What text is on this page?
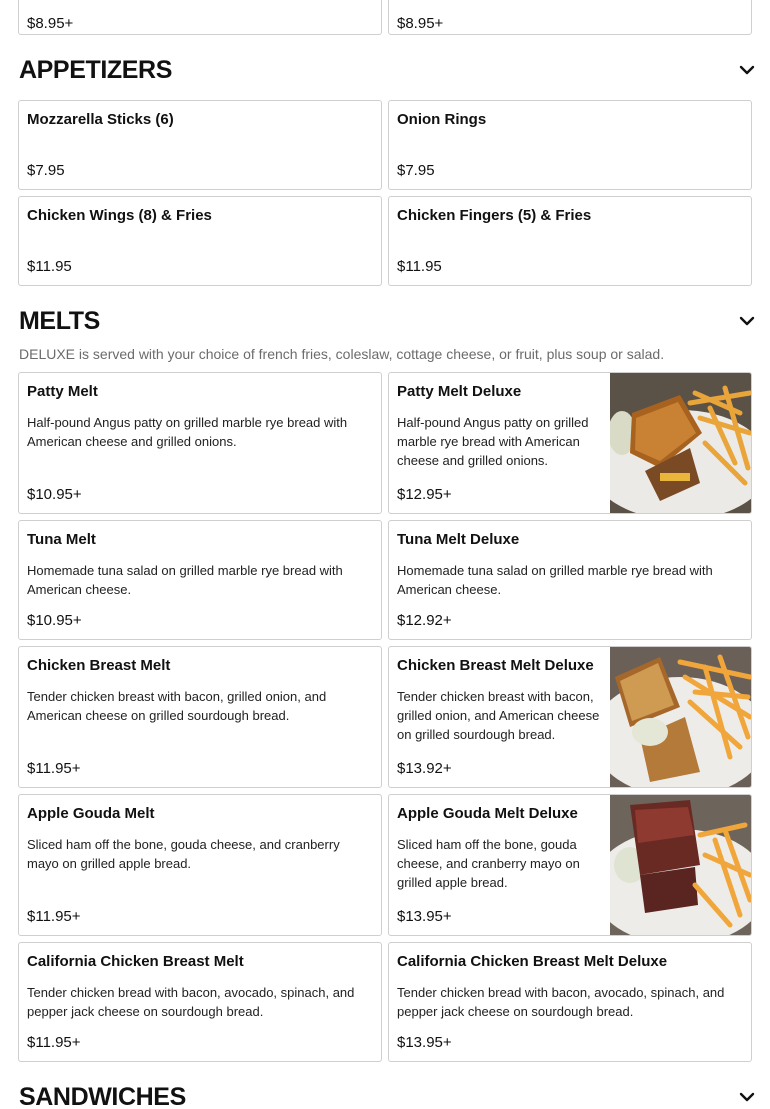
$8.95+	$8.95+
APPETIZERS
Mozzarella Sticks (6)
$7.95
Onion Rings
$7.95
Chicken Wings (8) & Fries
$11.95
Chicken Fingers (5) & Fries
$11.95
MELTS
DELUXE is served with your choice of french fries, coleslaw, cottage cheese, or fruit, plus soup or salad.
Patty Melt
Half-pound Angus patty on grilled marble rye bread with American cheese and grilled onions.
$10.95+
Patty Melt Deluxe
Half-pound Angus patty on grilled marble rye bread with American cheese and grilled onions.
$12.95+
Tuna Melt
Homemade tuna salad on grilled marble rye bread with American cheese.
$10.95+
Tuna Melt Deluxe
Homemade tuna salad on grilled marble rye bread with American cheese.
$12.92+
Chicken Breast Melt
Tender chicken breast with bacon, grilled onion, and American cheese on grilled sourdough bread.
$11.95+
Chicken Breast Melt Deluxe
Tender chicken breast with bacon, grilled onion, and American cheese on grilled sourdough bread.
$13.92+
Apple Gouda Melt
Sliced ham off the bone, gouda cheese, and cranberry mayo on grilled apple bread.
$11.95+
Apple Gouda Melt Deluxe
Sliced ham off the bone, gouda cheese, and cranberry mayo on grilled apple bread.
$13.95+
California Chicken Breast Melt
Tender chicken bread with bacon, avocado, spinach, and pepper jack cheese on sourdough bread.
$11.95+
California Chicken Breast Melt Deluxe
Tender chicken bread with bacon, avocado, spinach, and pepper jack cheese on sourdough bread.
$13.95+
SANDWICHES
